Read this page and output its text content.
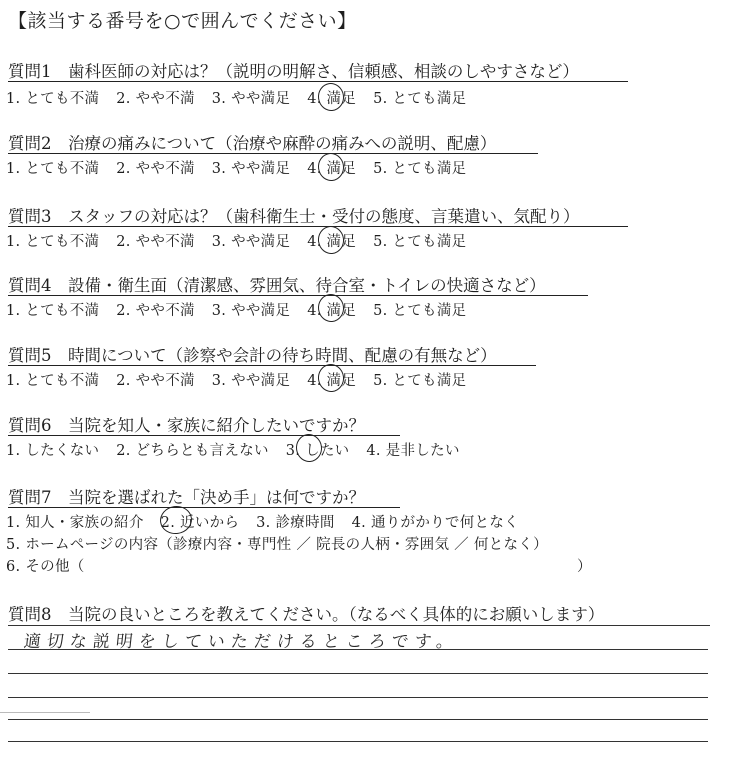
【該当する番号を○で囲んでください】
質問1　歯科医師の対応は？（説明の明解さ、信頼感、相談のしやすさなど）
1. とても不満 2. やや不満 3. やや満足 4. 満足 5. とても満足
質問2　治療の痛みについて（治療や麻酔の痛みへの説明、配慮）
1. とても不満 2. やや不満 3. やや満足 4. 満足 5. とても満足
質問3　スタッフの対応は？（歯科衛生士・受付の態度、言葉遣い、気配り）
1. とても不満 2. やや不満 3. やや満足 4. 満足 5. とても満足
質問4　設備・衛生面（清潔感、雰囲気、待合室・トイレの快適さなど）
1. とても不満 2. やや不満 3. やや満足 4. 満足 5. とても満足
質問5　時間について（診察や会計の待ち時間、配慮の有無など）
1. とても不満 2. やや不満 3. やや満足 4. 満足 5. とても満足
質問6　当院を知人・家族に紹介したいですか？
1. したくない 2. どちらとも言えない 3. したい 4. 是非したい
質問7　当院を選ばれた「決め手」は何ですか？
1. 知人・家族の紹介 2. 近いから 3. 診療時間 4. 通りがかりで何となく
5. ホームページの内容（診療内容・専門性 ／ 院長の人柄・雰囲気 ／ 何となく）
6. その他（	）
質問8　当院の良いところを教えてください。（なるべく具体的にお願いします）
適切な説明をしていただけるところです。
